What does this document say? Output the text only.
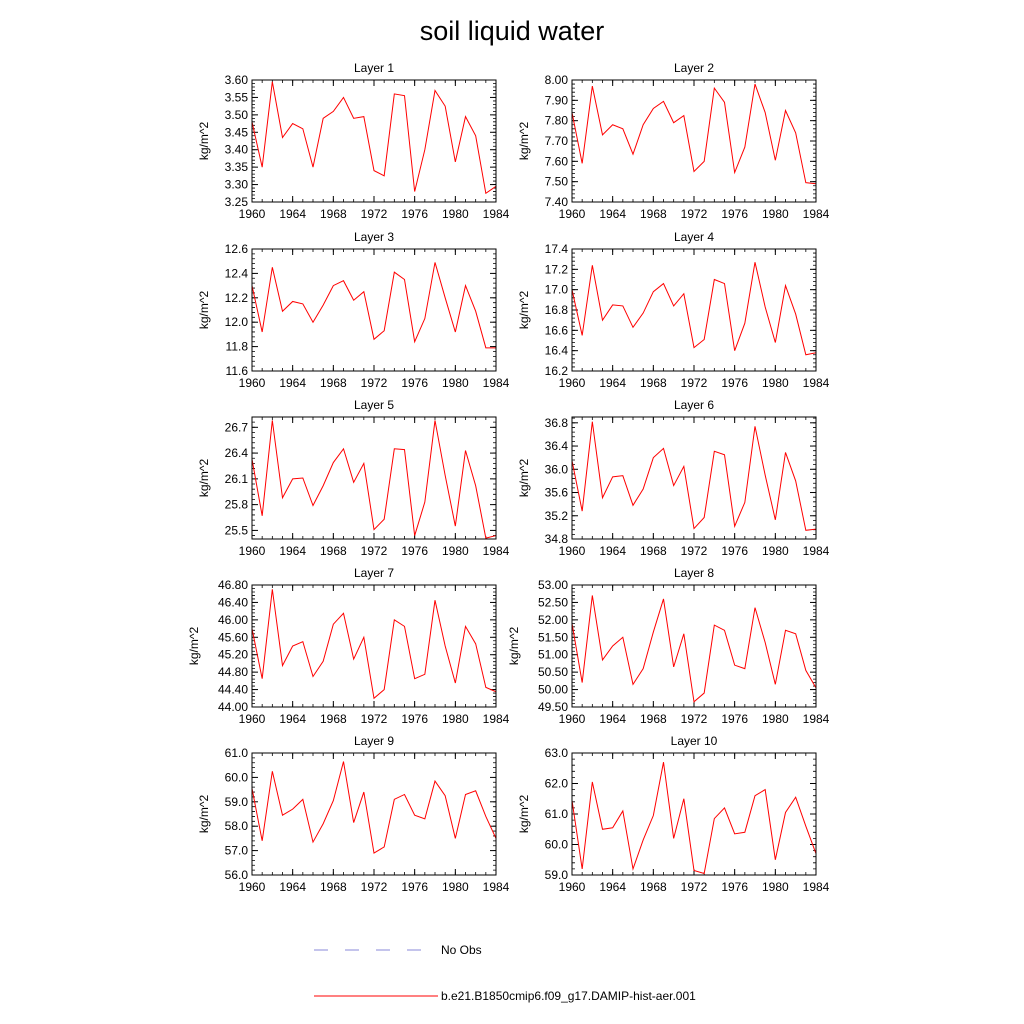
soil liquid water
Layer 1
1960 1964 1968 1972 1976 1980 1984
3.25
3.30
3.35
3.40
3.45
3.50
3.55
3.60
kg/m^2
Layer 2
1960 1964 1968 1972 1976 1980 1984
7.40
7.50
7.60
7.70
7.80
7.90
8.00
kg/m^2
Layer 3
1960 1964 1968 1972 1976 1980 1984
11.6
11.8
12.0
12.2
12.4
12.6
kg/m^2
Layer 4
1960 1964 1968 1972 1976 1980 1984
16.2
16.4
16.6
16.8
17.0
17.2
17.4
kg/m^2
Layer 5
1960 1964 1968 1972 1976 1980 1984
25.5
25.8
26.1
26.4
26.7
kg/m^2
Layer 6
1960 1964 1968 1972 1976 1980 1984
34.8
35.2
35.6
36.0
36.4
36.8
kg/m^2
Layer 7
1960 1964 1968 1972 1976 1980 1984
44.00
44.40
44.80
45.20
45.60
46.00
46.40
46.80
kg/m^2
Layer 8
1960 1964 1968 1972 1976 1980 1984
49.50
50.00
50.50
51.00
51.50
52.00
52.50
53.00
kg/m^2
Layer 9
1960 1964 1968 1972 1976 1980 1984
56.0
57.0
58.0
59.0
60.0
61.0
kg/m^2
Layer 10
1960 1964 1968 1972 1976 1980 1984
59.0
60.0
61.0
62.0
63.0
kg/m^2
No Obs
b.e21.B1850cmip6.f09_g17.DAMIP-hist-aer.001
